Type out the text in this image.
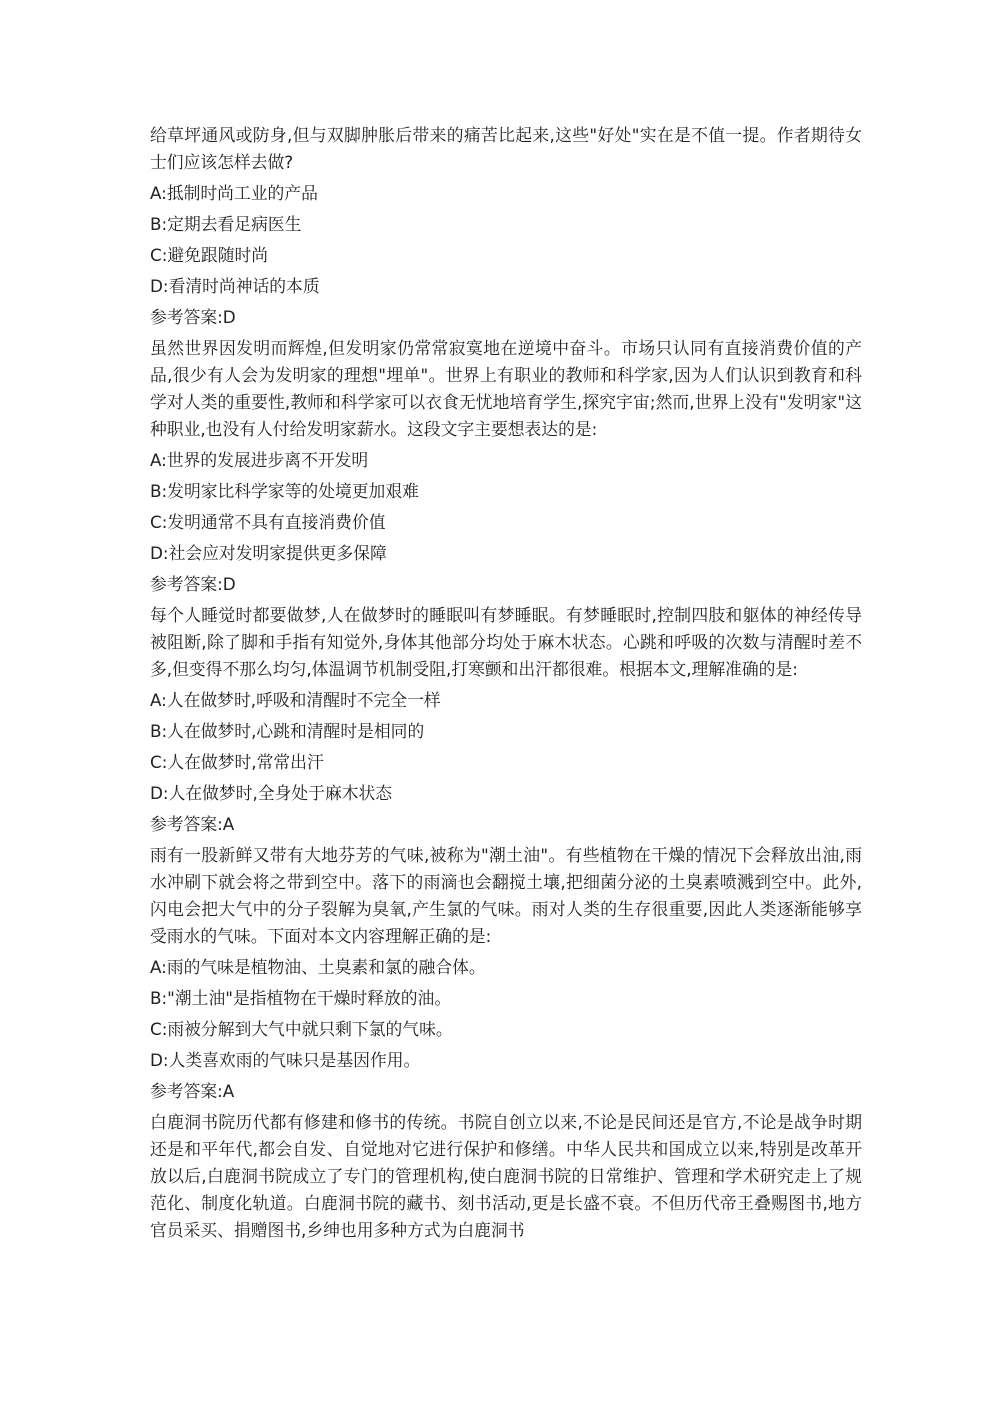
给草坪通风或防身,但与双脚肿胀后带来的痛苦比起来,这些"好处"实在是不值一提。作者期待女士们应该怎样去做?

A:抵制时尚工业的产品

B:定期去看足病医生

C:避免跟随时尚

D:看清时尚神话的本质

参考答案:D

虽然世界因发明而辉煌,但发明家仍常常寂寞地在逆境中奋斗。市场只认同有直接消费价值的产品,很少有人会为发明家的理想"埋单"。世界上有职业的教师和科学家,因为人们认识到教育和科学对人类的重要性,教师和科学家可以衣食无忧地培育学生,探究宇宙;然而,世界上没有"发明家"这种职业,也没有人付给发明家薪水。这段文字主要想表达的是:

A:世界的发展进步离不开发明

B:发明家比科学家等的处境更加艰难

C:发明通常不具有直接消费价值

D:社会应对发明家提供更多保障

参考答案:D

每个人睡觉时都要做梦,人在做梦时的睡眠叫有梦睡眠。有梦睡眠时,控制四肢和躯体的神经传导被阻断,除了脚和手指有知觉外,身体其他部分均处于麻木状态。心跳和呼吸的次数与清醒时差不多,但变得不那么均匀,体温调节机制受阻,打寒颤和出汗都很难。根据本文,理解准确的是:

A:人在做梦时,呼吸和清醒时不完全一样

B:人在做梦时,心跳和清醒时是相同的

C:人在做梦时,常常出汗

D:人在做梦时,全身处于麻木状态

参考答案:A

雨有一股新鲜又带有大地芬芳的气味,被称为"潮土油"。有些植物在干燥的情况下会释放出油,雨水冲刷下就会将之带到空中。落下的雨滴也会翻搅土壤,把细菌分泌的土臭素喷溅到空中。此外,闪电会把大气中的分子裂解为臭氧,产生氯的气味。雨对人类的生存很重要,因此人类逐渐能够享受雨水的气味。下面对本文内容理解正确的是:

A:雨的气味是植物油、土臭素和氯的融合体。

B:"潮土油"是指植物在干燥时释放的油。

C:雨被分解到大气中就只剩下氯的气味。

D:人类喜欢雨的气味只是基因作用。

参考答案:A

白鹿洞书院历代都有修建和修书的传统。书院自创立以来,不论是民间还是官方,不论是战争时期还是和平年代,都会自发、自觉地对它进行保护和修缮。中华人民共和国成立以来,特别是改革开放以后,白鹿洞书院成立了专门的管理机构,使白鹿洞书院的日常维护、管理和学术研究走上了规范化、制度化轨道。白鹿洞书院的藏书、刻书活动,更是长盛不衰。不但历代帝王叠赐图书,地方官员采买、捐赠图书,乡绅也用多种方式为白鹿洞书
